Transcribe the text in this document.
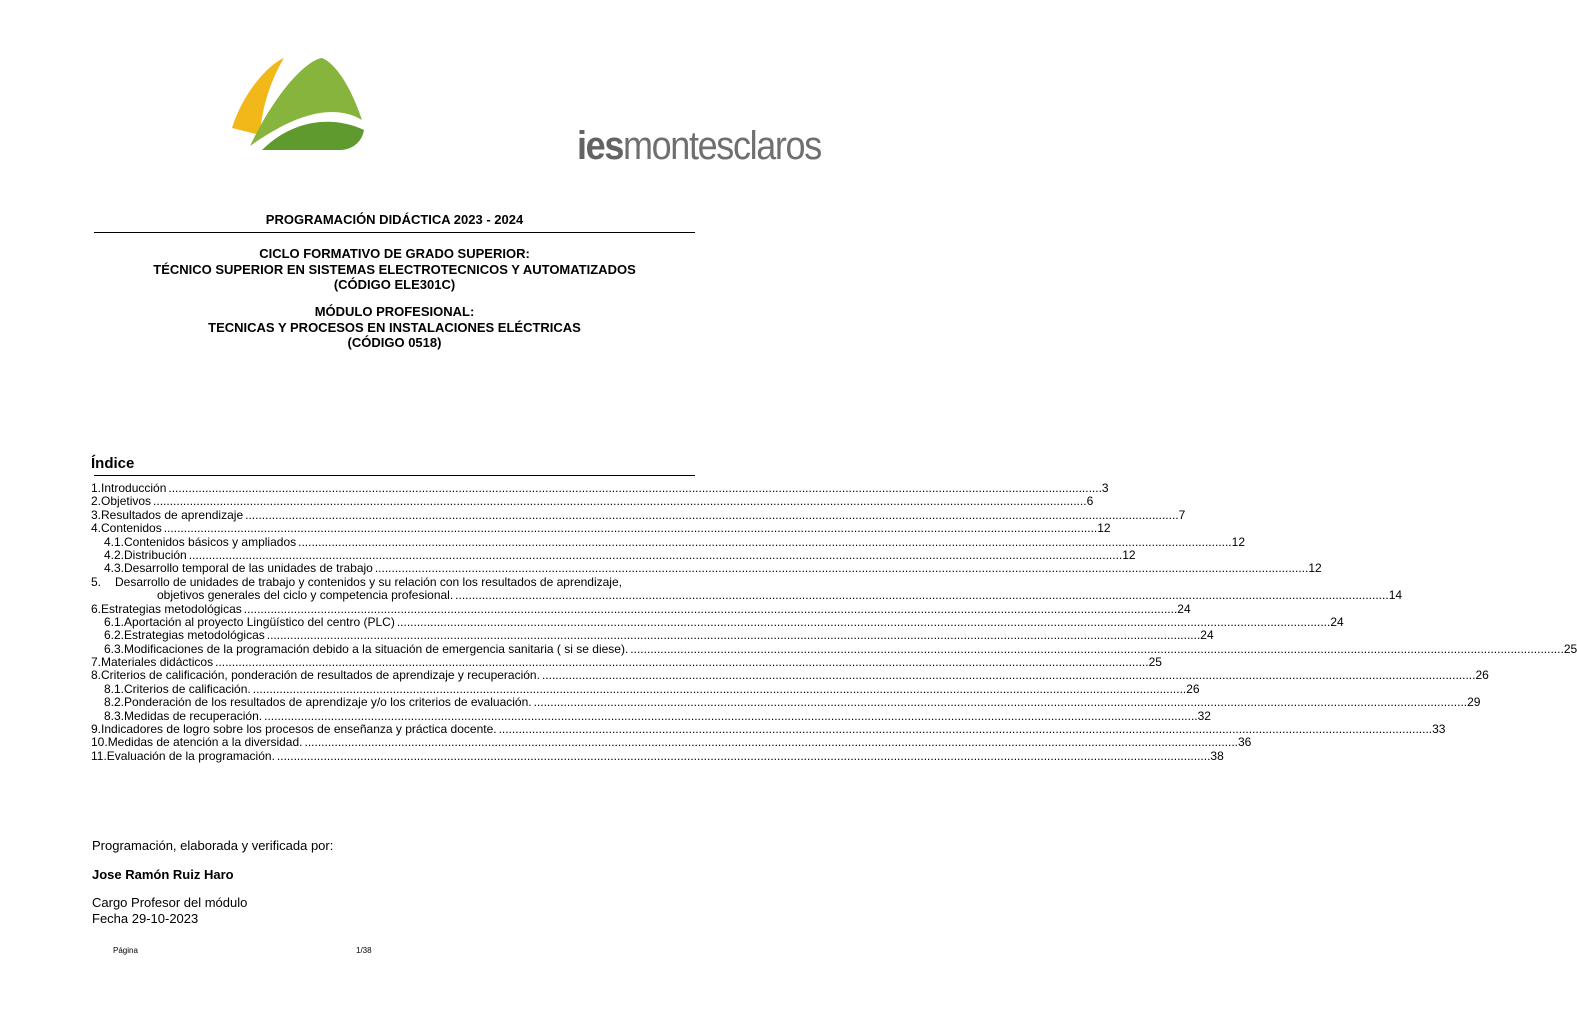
iesmontesclaros
PROGRAMACIÓN DIDÁCTICA 2023 - 2024
CICLO FORMATIVO DE GRADO SUPERIOR:
TÉCNICO SUPERIOR EN SISTEMAS ELECTROTECNICOS Y AUTOMATIZADOS
(CÓDIGO ELE301C)
MÓDULO PROFESIONAL:
TECNICAS Y PROCESOS EN INSTALACIONES ELÉCTRICAS
(CÓDIGO 0518)
Índice
1. Introducción .....	3
2. Objetivos .....	6
3. Resultados de aprendizaje .....	7
4. Contenidos .....	12
4.1. Contenidos básicos y ampliados .....	12
4.2. Distribución .....	12
4.3. Desarrollo temporal de las unidades de trabajo .....	12
5.	Desarrollo de unidades de trabajo y contenidos y su relación con los resultados de aprendizaje,
objetivos generales del ciclo y competencia profesional. .....	14
6. Estrategias metodológicas .....	24
6.1. Aportación al proyecto Lingüístico del centro (PLC) .....	24
6.2. Estrategias metodológicas .....	24
6.3. Modificaciones de la programación debido a la situación de emergencia sanitaria ( si se diese). .....	25
7. Materiales didácticos .....	25
8. Criterios de calificación, ponderación de resultados de aprendizaje y recuperación. .....	26
8.1. Criterios de calificación. .....	26
8.2. Ponderación de los resultados de aprendizaje y/o los criterios de evaluación. .....	29
8.3. Medidas de recuperación. .....	32
9. Indicadores de logro sobre los procesos de enseñanza y práctica docente. .....	33
10. Medidas de atención a la diversidad. .....	36
11. Evaluación de la programación. .....	38
Programación, elaborada y verificada por:
Jose Ramón Ruiz Haro
Cargo Profesor del módulo
Fecha 29-10-2023
Página	1/38
